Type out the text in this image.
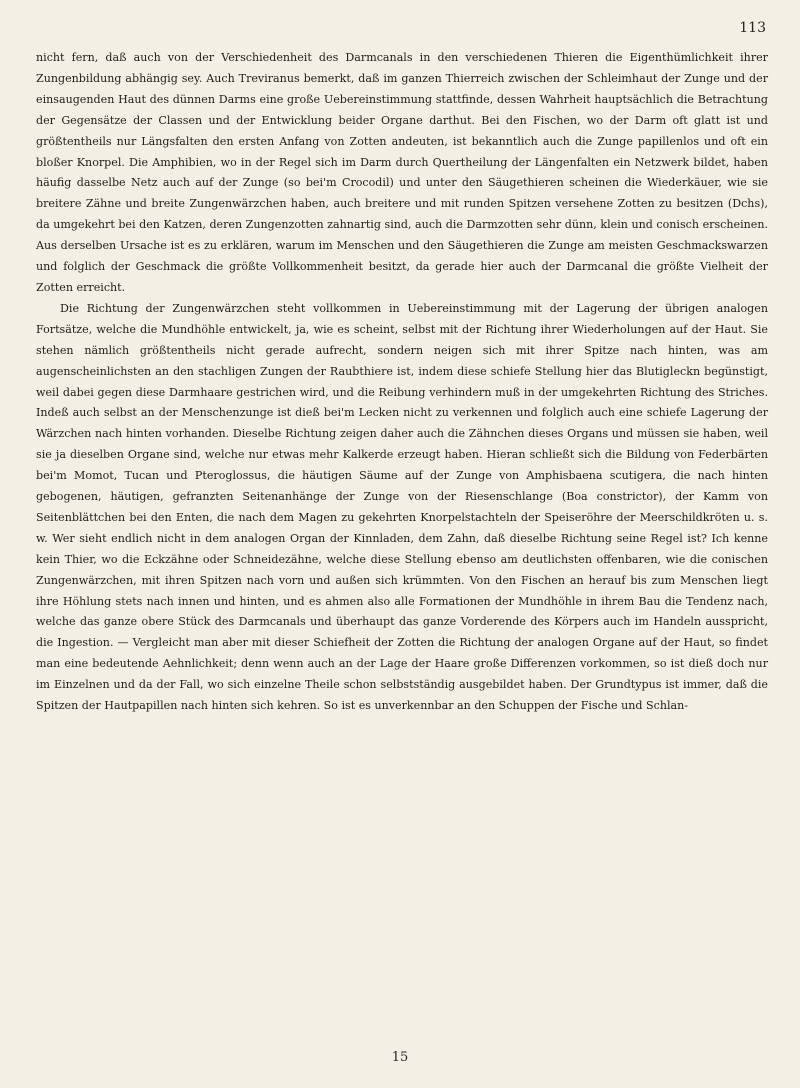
113

nicht fern, daß auch von der Verschiedenheit des Darmcanals in den verschiedenen Thieren die Eigenthümlichkeit ihrer Zungenbildung abhängig sey. Auch Treviranus bemerkt, daß im ganzen Thierreich zwischen der Schleimhaut der Zunge und der einsaugenden Haut des dünnen Darms eine große Uebereinstimmung stattfinde, dessen Wahrheit hauptsächlich die Betrachtung der Gegensätze der Classen und der Entwicklung beider Organe darthut. Bei den Fischen, wo der Darm oft glatt ist und größtentheils nur Längsfalten den ersten Anfang von Zotten andeuten, ist bekanntlich auch die Zunge papillenlos und oft ein bloßer Knorpel. Die Amphibien, wo in der Regel sich im Darm durch Quertheilung der Längenfalten ein Netzwerk bildet, haben häufig dasselbe Netz auch auf der Zunge (so bei'm Crocodil) und unter den Säugethieren scheinen die Wiederkäuer, wie sie breitere Zähne und breite Zungenwärzchen haben, auch breitere und mit runden Spitzen versehene Zotten zu besitzen (Dchs), da umgekehrt bei den Katzen, deren Zungenzotten zahnartig sind, auch die Darmzotten sehr dünn, klein und conisch erscheinen. Aus derselben Ursache ist es zu erklären, warum im Menschen und den Säugethieren die Zunge am meisten Geschmackswarzen und folglich der Geschmack die größte Vollkommenheit besitzt, da gerade hier auch der Darmcanal die größte Vielheit der Zotten erreicht.

Die Richtung der Zungenwärzchen steht vollkommen in Uebereinstimmung mit der Lagerung der übrigen analogen Fortsätze, welche die Mundhöhle entwickelt, ja, wie es scheint, selbst mit der Richtung ihrer Wiederholungen auf der Haut. Sie stehen nämlich größtentheils nicht gerade aufrecht, sondern neigen sich mit ihrer Spitze nach hinten, was am augenscheinlichsten an den stachligen Zungen der Raubthiere ist, indem diese schiefe Stellung hier das Blutigleckn begünstigt, weil dabei gegen diese Darmhaare gestrichen wird, und die Reibung verhindern muß in der umgekehrten Richtung des Striches. Indeß auch selbst an der Menschenzunge ist dieß bei'm Lecken nicht zu verkennen und folglich auch eine schiefe Lagerung der Wärzchen nach hinten vorhanden. Dieselbe Richtung zeigen daher auch die Zähnchen dieses Organs und müssen sie haben, weil sie ja dieselben Organe sind, welche nur etwas mehr Kalkerde erzeugt haben. Hieran schließt sich die Bildung von Federbärten bei'm Momot, Tucan und Pteroglossus, die häutigen Säume auf der Zunge von Amphisbaena scutigera, die nach hinten gebogenen, häutigen, gefranzten Seitenanhänge der Zunge von der Riesenschlange (Boa constrictor), der Kamm von Seitenblättchen bei den Enten, die nach dem Magen zu gekehrten Knorpelstachteln der Speiseröhre der Meerschildkröten u. s. w. Wer sieht endlich nicht in dem analogen Organ der Kinnladen, dem Zahn, daß dieselbe Richtung seine Regel ist? Ich kenne kein Thier, wo die Eckzähne oder Schneidezähne, welche diese Stellung ebenso am deutlichsten offenbaren, wie die conischen Zungenwärzchen, mit ihren Spitzen nach vorn und außen sich krümmten. Von den Fischen an herauf bis zum Menschen liegt ihre Höhlung stets nach innen und hinten, und es ahmen also alle Formationen der Mundhöhle in ihrem Bau die Tendenz nach, welche das ganze obere Stück des Darmcanals und überhaupt das ganze Vorderende des Körpers auch im Handeln ausspricht, die Ingestion. — Vergleicht man aber mit dieser Schiefheit der Zotten die Richtung der analogen Organe auf der Haut, so findet man eine bedeutende Aehnlichkeit; denn wenn auch an der Lage der Haare große Differenzen vorkommen, so ist dieß doch nur im Einzelnen und da der Fall, wo sich einzelne Theile schon selbstständig ausgebildet haben. Der Grundtypus ist immer, daß die Spitzen der Hautpapillen nach hinten sich kehren. So ist es unverkennbar an den Schuppen der Fische und Schlan-

15
